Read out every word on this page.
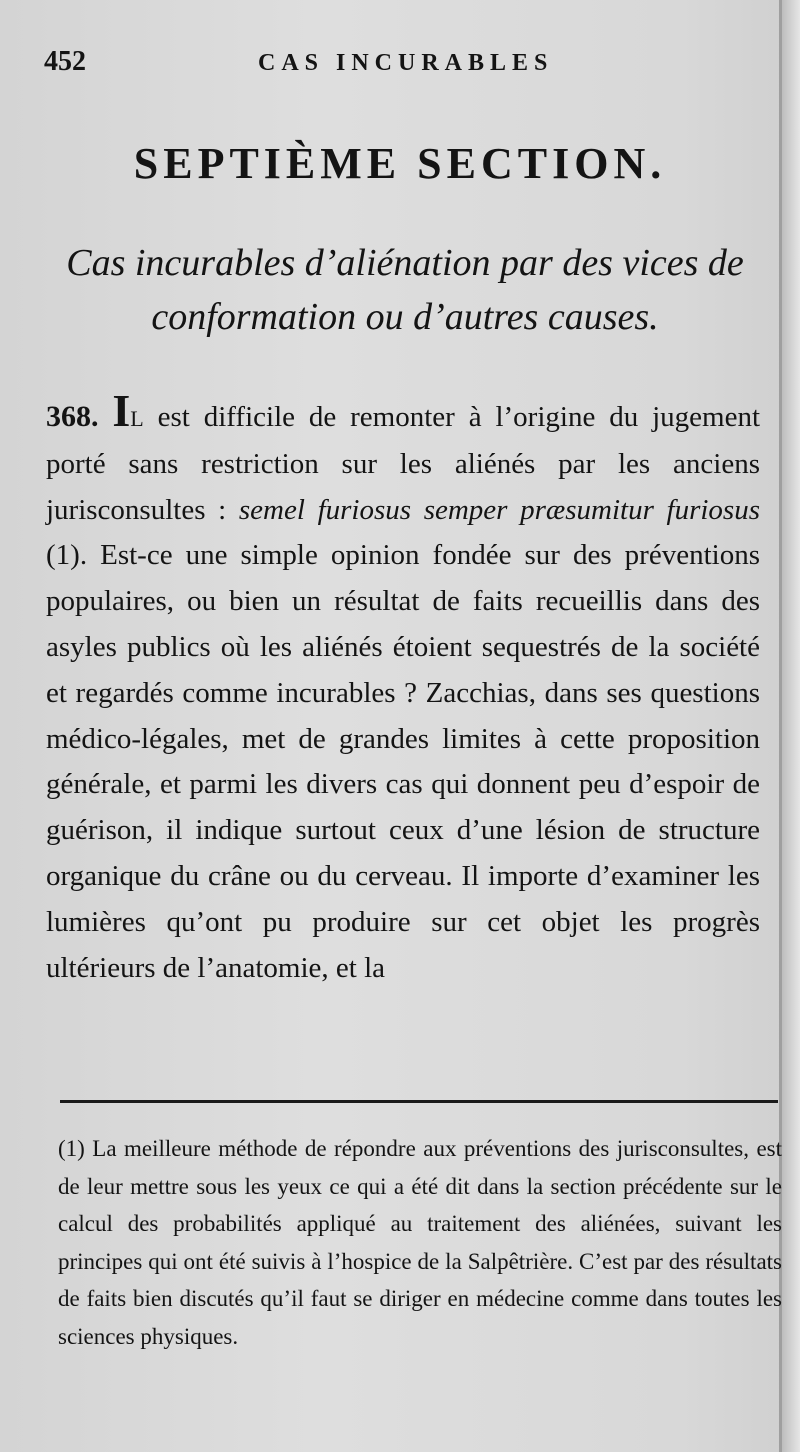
452	CAS INCURABLES
SEPTIÈME SECTION.
Cas incurables d’aliénation par des vices de conformation ou d’autres causes.
368. IL est difficile de remonter à l’origine du jugement porté sans restriction sur les aliénés par les anciens jurisconsultes : semel furiosus semper præsumitur furiosus (1). Est-ce une simple opinion fondée sur des préventions populaires, ou bien un résultat de faits recueillis dans des asyles publics où les aliénés étoient sequestrés de la société et regardés comme incurables ? Zacchias, dans ses questions médico-légales, met de grandes limites à cette proposition générale, et parmi les divers cas qui donnent peu d’espoir de guérison, il indique surtout ceux d’une lésion de structure organique du crâne ou du cerveau. Il importe d’examiner les lumières qu’ont pu produire sur cet objet les progrès ultérieurs de l’anatomie, et la
(1) La meilleure méthode de répondre aux préventions des jurisconsultes, est de leur mettre sous les yeux ce qui a été dit dans la section précédente sur le calcul des probabilités appliqué au traitement des aliénées, suivant les principes qui ont été suivis à l’hospice de la Salpêtrière. C’est par des résultats de faits bien discutés qu’il faut se diriger en médecine comme dans toutes les sciences physiques.
